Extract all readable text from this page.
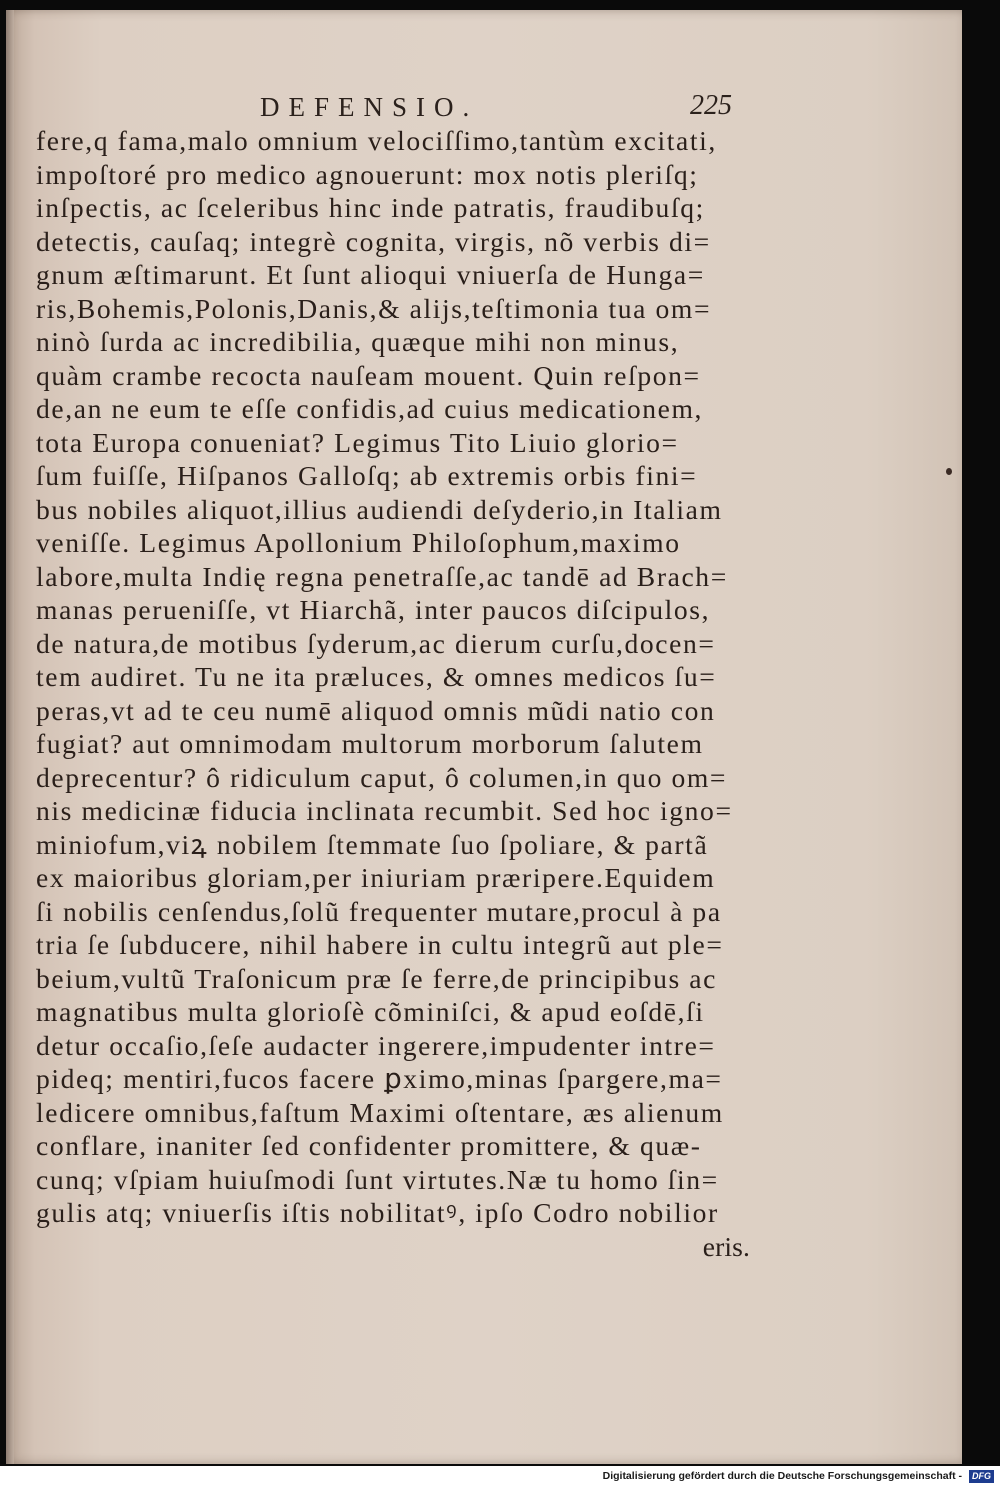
DEFENSIO.	225
fere,q fama,malo omnium velociſſimo,tantùm excitati,
impoſtoré pro medico agnouerunt: mox notis pleriſq;
inſpectis, ac ſceleribus hinc inde patratis, fraudibuſq;
detectis, cauſaq; integrè cognita, virgis, nõ verbis di=
gnum æſtimarunt. Et ſunt alioqui vniuerſa de Hunga=
ris,Bohemis,Polonis,Danis,& alijs,teſtimonia tua om=
ninò ſurda ac incredibilia, quæque mihi non minus,
quàm crambe recocta nauſeam mouent. Quin reſpon=
de,an ne eum te eſſe confidis,ad cuius medicationem,
tota Europa conueniat? Legimus Tito Liuio glorio=
ſum fuiſſe, Hiſpanos Galloſq; ab extremis orbis fini=
bus nobiles aliquot,illius audiendi deſyderio,in Italiam
veniſſe. Legimus Apollonium Philoſophum,maximo
labore,multa Indię regna penetraſſe,ac tandē ad Brach=
manas perueniſſe, vt Hiarchã, inter paucos diſcipulos,
de natura,de motibus ſyderum,ac dierum curſu,docen=
tem audiret. Tu ne ita præluces, & omnes medicos ſu=
peras,vt ad te ceu numē aliquod omnis mũdi natio con
fugiat? aut omnimodam multorum morborum ſalutem
deprecentur? ô ridiculum caput, ô columen,in quo om=
nis medicinæ fiducia inclinata recumbit. Sed hoc igno=
miniofum,viꝝ nobilem ſtemmate ſuo ſpoliare, & partã
ex maioribus gloriam,per iniuriam præripere.Equidem
ſi nobilis cenſendus,ſolũ frequenter mutare,procul à pa
tria ſe ſubducere, nihil habere in cultu integrũ aut ple=
beium,vultũ Traſonicum præ ſe ferre,de principibus ac
magnatibus multa glorioſè cõminiſci, & apud eoſdē,ſi
detur occaſio,ſeſe audacter ingerere,impudenter intre=
pideq; mentiri,fucos facere ꝑximo,minas ſpargere,ma=
ledicere omnibus,faſtum Maximi oſtentare, æs alienum
conflare, inaniter ſed confidenter promittere, & quæ-
cunq; vſpiam huiuſmodi ſunt virtutes.Næ tu homo ſin=
gulis atq; vniuerſis iſtis nobilitatꝰ, ipſo Codro nobilior
eris.
Digitalisierung gefördert durch die Deutsche Forschungsgemeinschaft -	DFG
